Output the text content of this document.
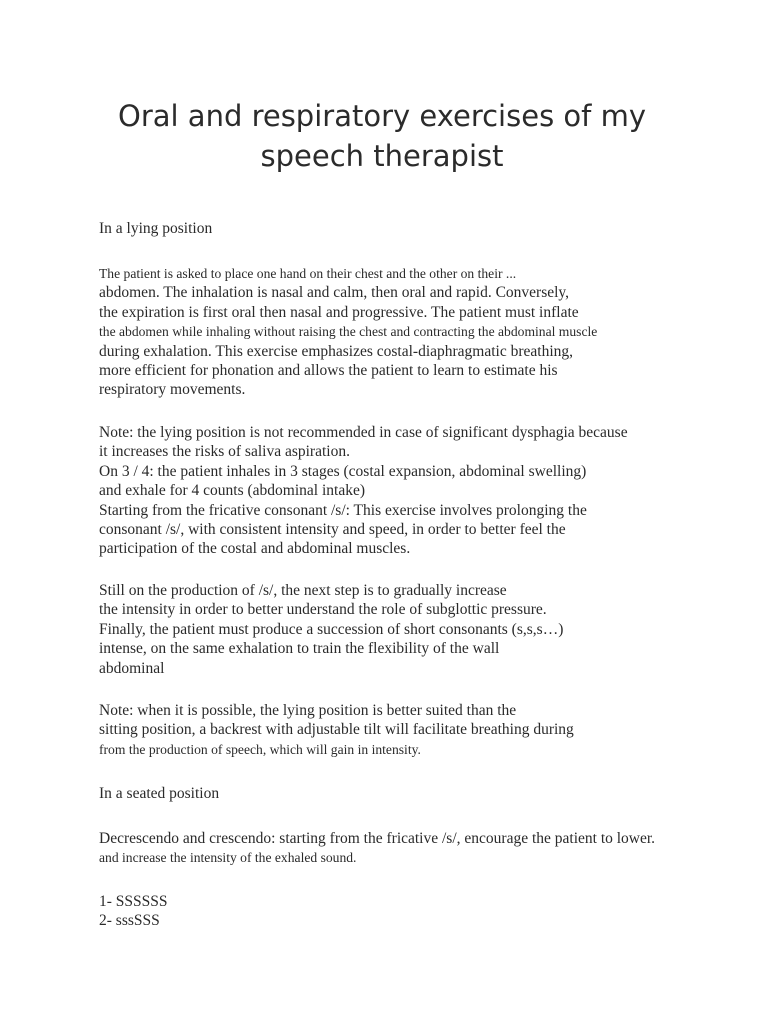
Oral and respiratory exercises of my
speech therapist
In a lying position
The patient is asked to place one hand on their chest and the other on their ...
abdomen. The inhalation is nasal and calm, then oral and rapid. Conversely,
the expiration is first oral then nasal and progressive. The patient must inflate
the abdomen while inhaling without raising the chest and contracting the abdominal muscle
during exhalation. This exercise emphasizes costal-diaphragmatic breathing,
more efficient for phonation and allows the patient to learn to estimate his
respiratory movements.
Note: the lying position is not recommended in case of significant dysphagia because
it increases the risks of saliva aspiration.
On 3 / 4: the patient inhales in 3 stages (costal expansion, abdominal swelling)
and exhale for 4 counts (abdominal intake)
Starting from the fricative consonant /s/: This exercise involves prolonging the
consonant /s/, with consistent intensity and speed, in order to better feel the
participation of the costal and abdominal muscles.
Still on the production of /s/, the next step is to gradually increase
the intensity in order to better understand the role of subglottic pressure.
Finally, the patient must produce a succession of short consonants (s,s,s…)
intense, on the same exhalation to train the flexibility of the wall
abdominal
Note: when it is possible, the lying position is better suited than the
sitting position, a backrest with adjustable tilt will facilitate breathing during
from the production of speech, which will gain in intensity.
In a seated position
Decrescendo and crescendo: starting from the fricative /s/, encourage the patient to lower.
and increase the intensity of the exhaled sound.
1- SSSSSS
2- sssSSS
